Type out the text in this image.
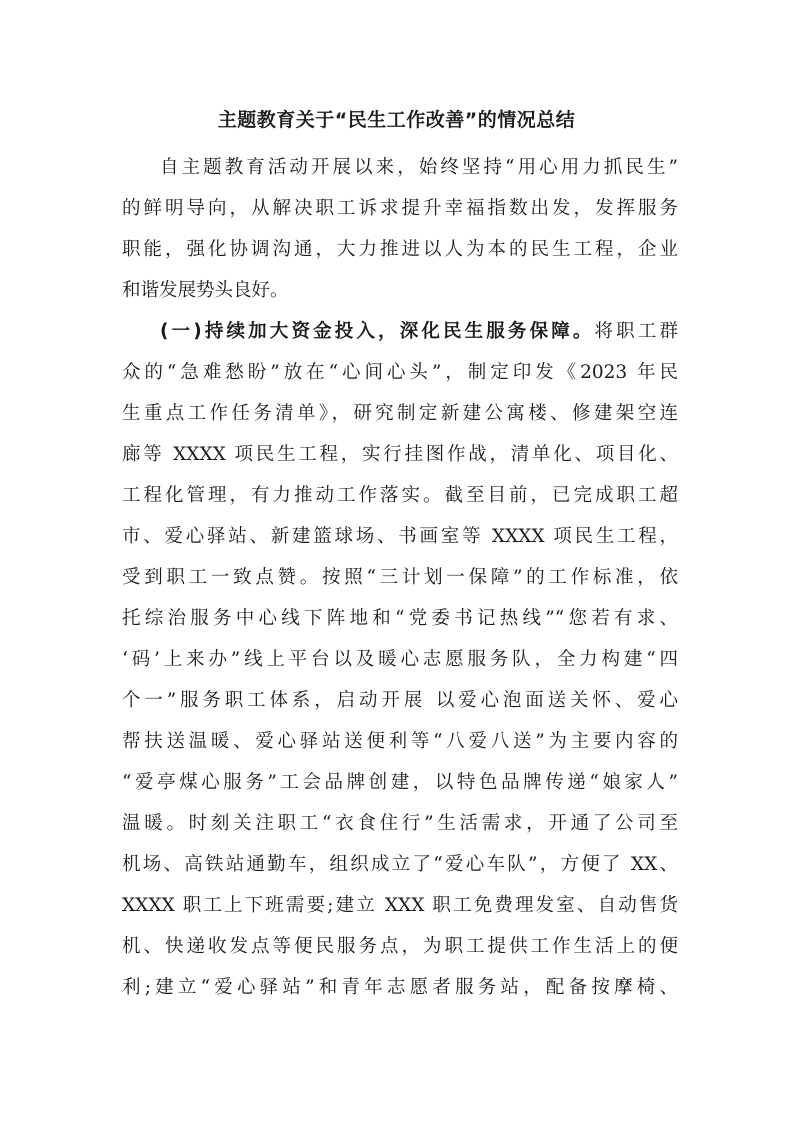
主题教育关于“民生工作改善”的情况总结
自主题教育活动开展以来，始终坚持“用心用力抓民生”
的鲜明导向，从解决职工诉求提升幸福指数出发，发挥服务
职能，强化协调沟通，大力推进以人为本的民生工程，企业
和谐发展势头良好。
(一)持续加大资金投入，深化民生服务保障。将职工群
众的“急难愁盼”放在“心间心头”，制定印发《2023 年民
生重点工作任务清单》，研究制定新建公寓楼、修建架空连
廊等 XXXX 项民生工程，实行挂图作战，清单化、项目化、
工程化管理，有力推动工作落实。截至目前，已完成职工超
市、爱心驿站、新建篮球场、书画室等 XXXX 项民生工程，
受到职工一致点赞。按照“三计划一保障”的工作标准，依
托综治服务中心线下阵地和“党委书记热线”“您若有求、
‘码’上来办”线上平台以及暖心志愿服务队，全力构建“四
个一”服务职工体系，启动开展 以爱心泡面送关怀、爱心
帮扶送温暖、爱心驿站送便利等“八爱八送”为主要内容的
“爱亭煤心服务”工会品牌创建，以特色品牌传递“娘家人”
温暖。时刻关注职工“衣食住行”生活需求，开通了公司至
机场、高铁站通勤车，组织成立了“爱心车队”，方便了 XX、
XXXX 职工上下班需要;建立 XXX 职工免费理发室、自动售货
机、快递收发点等便民服务点，为职工提供工作生活上的便
利;建立“爱心驿站”和青年志愿者服务站，配备按摩椅、
